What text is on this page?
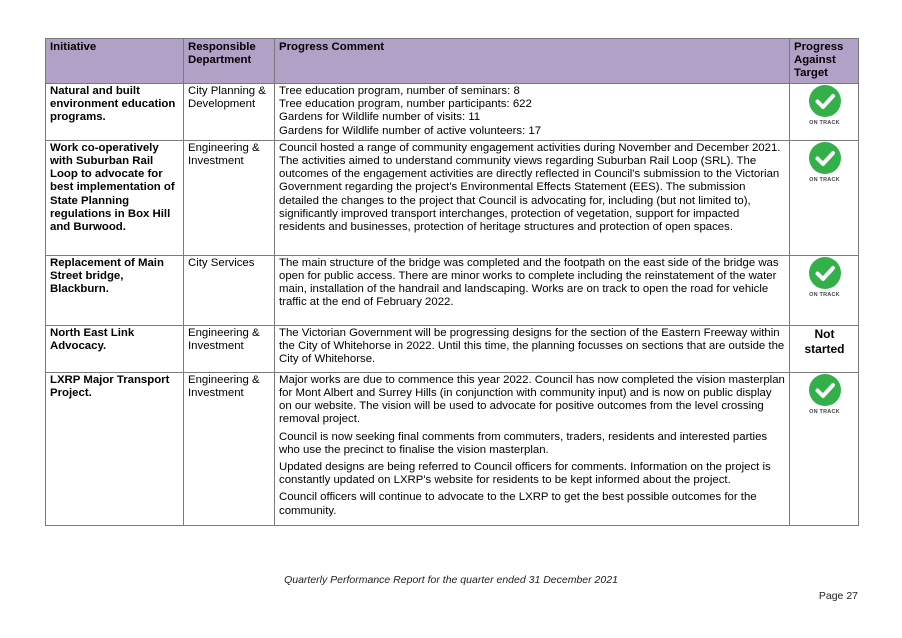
Initiative	Responsible Department	Progress Comment	Progress Against Target
Natural and built environment education programs.	City Planning & Development	Tree education program, number of seminars: 8
Tree education program, number participants: 622
Gardens for Wildlife number of visits: 11
Gardens for Wildlife number of active volunteers: 17	ON TRACK

Work co-operatively with Suburban Rail Loop to advocate for best implementation of State Planning regulations in Box Hill and Burwood.	Engineering & Investment	Council hosted a range of community engagement activities during November and December 2021. The activities aimed to understand community views regarding Suburban Rail Loop (SRL). The outcomes of the engagement activities are directly reflected in Council's submission to the Victorian Government regarding the project's Environmental Effects Statement (EES). The submission detailed the changes to the project that Council is advocating for, including (but not limited to), significantly improved transport interchanges, protection of vegetation, support for impacted residents and businesses, protection of heritage structures and protection of open spaces.	ON TRACK

Replacement of Main Street bridge, Blackburn.	City Services	The main structure of the bridge was completed and the footpath on the east side of the bridge was open for public access. There are minor works to complete including the reinstatement of the water main, installation of the handrail and landscaping. Works are on track to open the road for vehicle traffic at the end of February 2022.	ON TRACK

North East Link Advocacy.	Engineering & Investment	The Victorian Government will be progressing designs for the section of the Eastern Freeway within the City of Whitehorse in 2022. Until this time, the planning focusses on sections that are outside the City of Whitehorse.	Not started
LXRP Major Transport Project.	Engineering & Investment	Major works are due to commence this year 2022. Council has now completed the vision masterplan for Mont Albert and Surrey Hills (in conjunction with community input) and is now on public display on our website. The vision will be used to advocate for positive outcomes from the level crossing removal project.

Council is now seeking final comments from commuters, traders, residents and interested parties who use the precinct to finalise the vision masterplan.

Updated designs are being referred to Council officers for comments. Information on the project is constantly updated on LXRP's website for residents to be kept informed about the project.

Council officers will continue to advocate to the LXRP to get the best possible outcomes for the community.	ON TRACK
Quarterly Performance Report for the quarter ended 31 December 2021
Page 27
